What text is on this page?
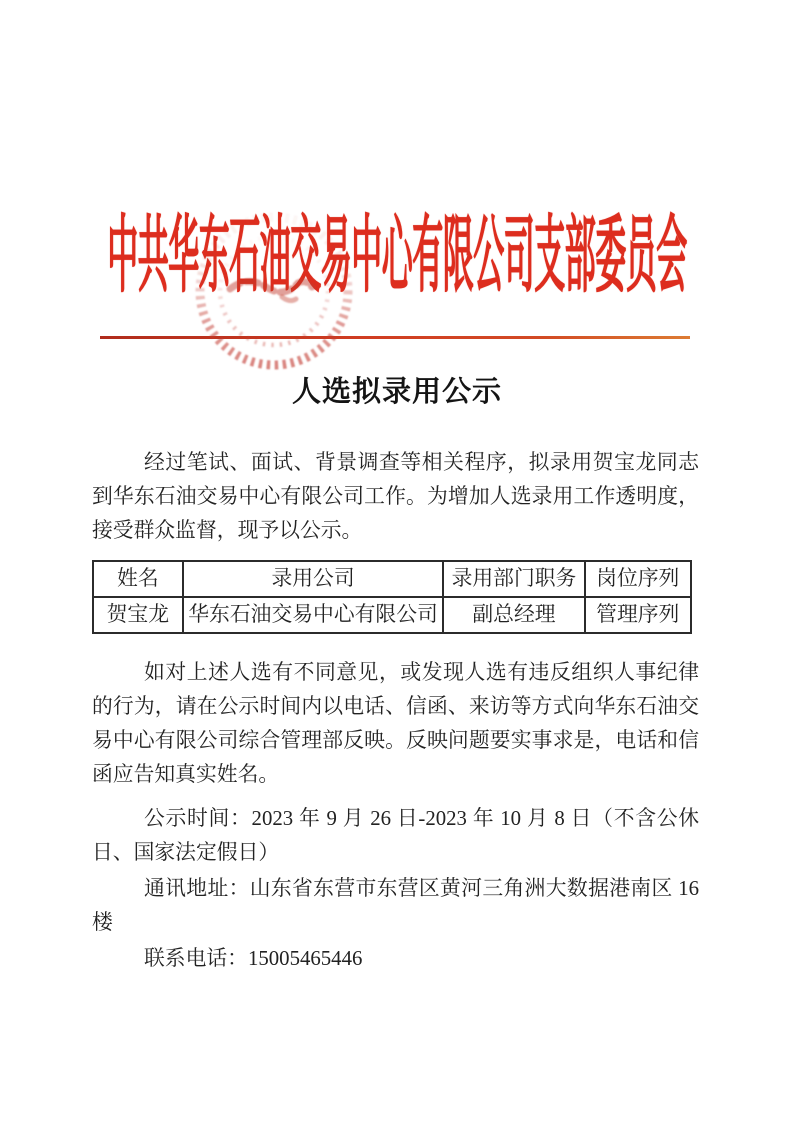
中共华东石油交易中心有限公司支部委员会
人选拟录用公示

经过笔试、面试、背景调查等相关程序，拟录用贺宝龙同志到华东石油交易中心有限公司工作。为增加人选录用工作透明度，接受群众监督，现予以公示。

姓名	录用公司	录用部门职务	岗位序列
贺宝龙	华东石油交易中心有限公司	副总经理	管理序列

如对上述人选有不同意见，或发现人选有违反组织人事纪律的行为，请在公示时间内以电话、信函、来访等方式向华东石油交易中心有限公司综合管理部反映。反映问题要实事求是，电话和信函应告知真实姓名。

公示时间：2023 年 9 月 26 日-2023 年 10 月 8 日（不含公休日、国家法定假日）

通讯地址：山东省东营市东营区黄河三角洲大数据港南区 16 楼

联系电话：15005465446
